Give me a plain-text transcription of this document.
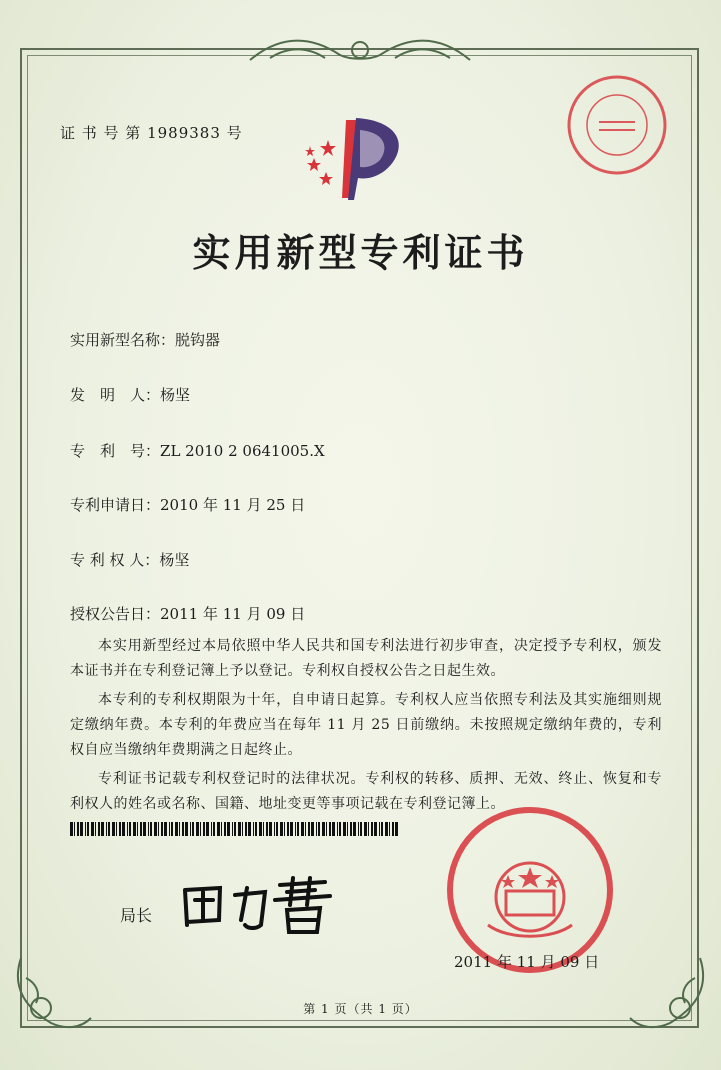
证 书 号 第 1989383 号
实用新型专利证书
实用新型名称：脱钩器
发　明　人：杨坚
专　利　号：ZL 2010 2 0641005.X
专利申请日：2010 年 11 月 25 日
专 利 权 人：杨坚
授权公告日：2011 年 11 月 09 日

本实用新型经过本局依照中华人民共和国专利法进行初步审查，决定授予专利权，颁发本证书并在专利登记簿上予以登记。专利权自授权公告之日起生效。

本专利的专利权期限为十年，自申请日起算。专利权人应当依照专利法及其实施细则规定缴纳年费。本专利的年费应当在每年 11 月 25 日前缴纳。未按照规定缴纳年费的，专利权自应当缴纳年费期满之日起终止。

专利证书记载专利权登记时的法律状况。专利权的转移、质押、无效、终止、恢复和专利权人的姓名或名称、国籍、地址变更等事项记载在专利登记簿上。

局长
2011 年 11 月 09 日
第 1 页（共 1 页）
